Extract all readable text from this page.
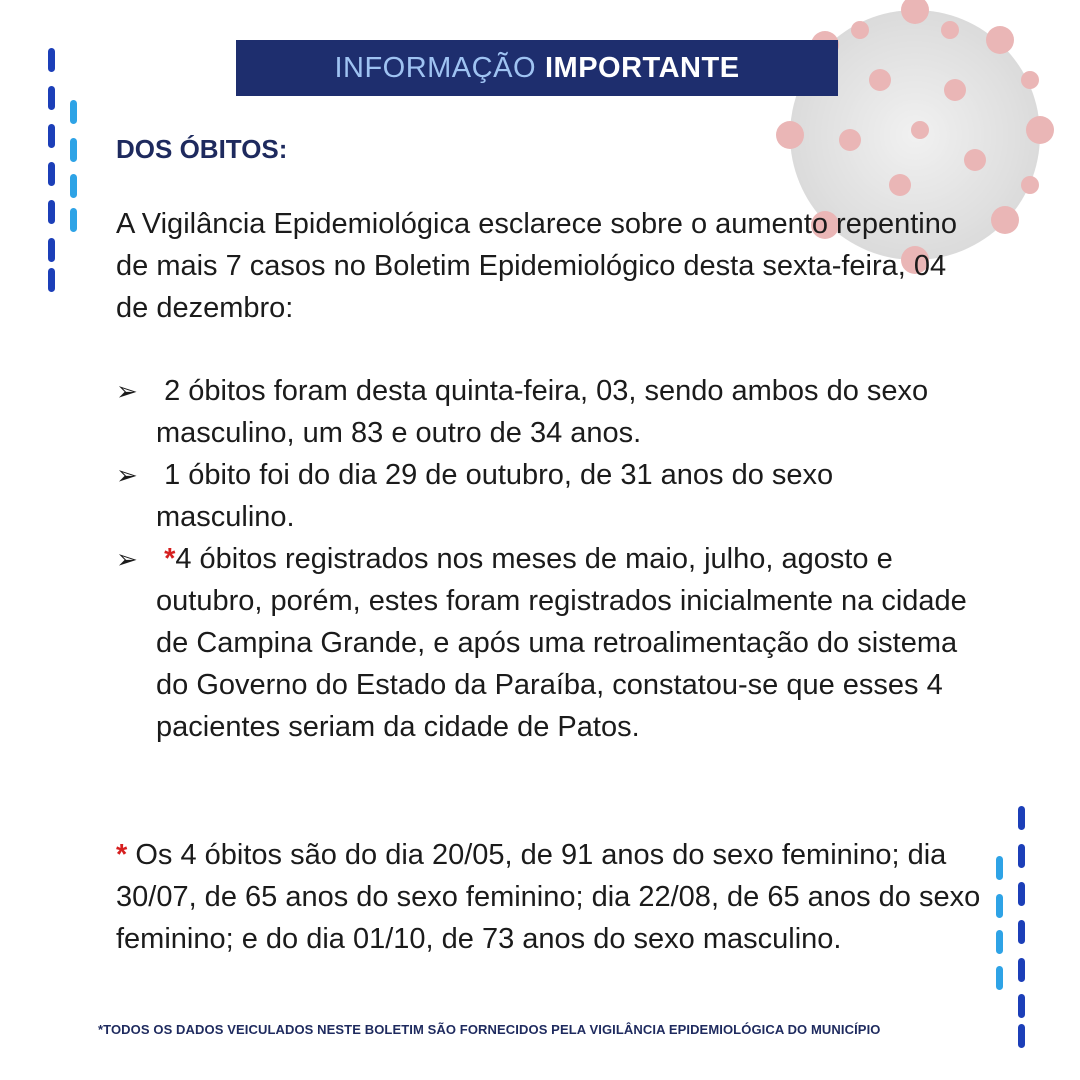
INFORMAÇÃO IMPORTANTE
DOS ÓBITOS:
A Vigilância Epidemiológica esclarece sobre o aumento repentino de mais 7 casos no Boletim Epidemiológico desta sexta-feira, 04 de dezembro:
➢ 2 óbitos foram desta quinta-feira, 03, sendo ambos do sexo masculino, um 83 e outro de 34 anos.
➢ 1 óbito foi do dia 29 de outubro, de 31 anos do sexo masculino.
➢ *4 óbitos registrados nos meses de maio, julho, agosto e outubro, porém, estes foram registrados inicialmente na cidade de Campina Grande, e após uma retroalimentação do sistema do Governo do Estado da Paraíba, constatou-se que esses 4 pacientes seriam da cidade de Patos.
* Os 4 óbitos são do dia 20/05, de 91 anos do sexo feminino; dia 30/07, de 65 anos do sexo feminino; dia 22/08, de 65 anos do sexo feminino; e do dia 01/10, de 73 anos do sexo masculino.
*TODOS OS DADOS VEICULADOS NESTE BOLETIM SÃO FORNECIDOS PELA VIGILÂNCIA EPIDEMIOLÓGICA DO MUNICÍPIO
